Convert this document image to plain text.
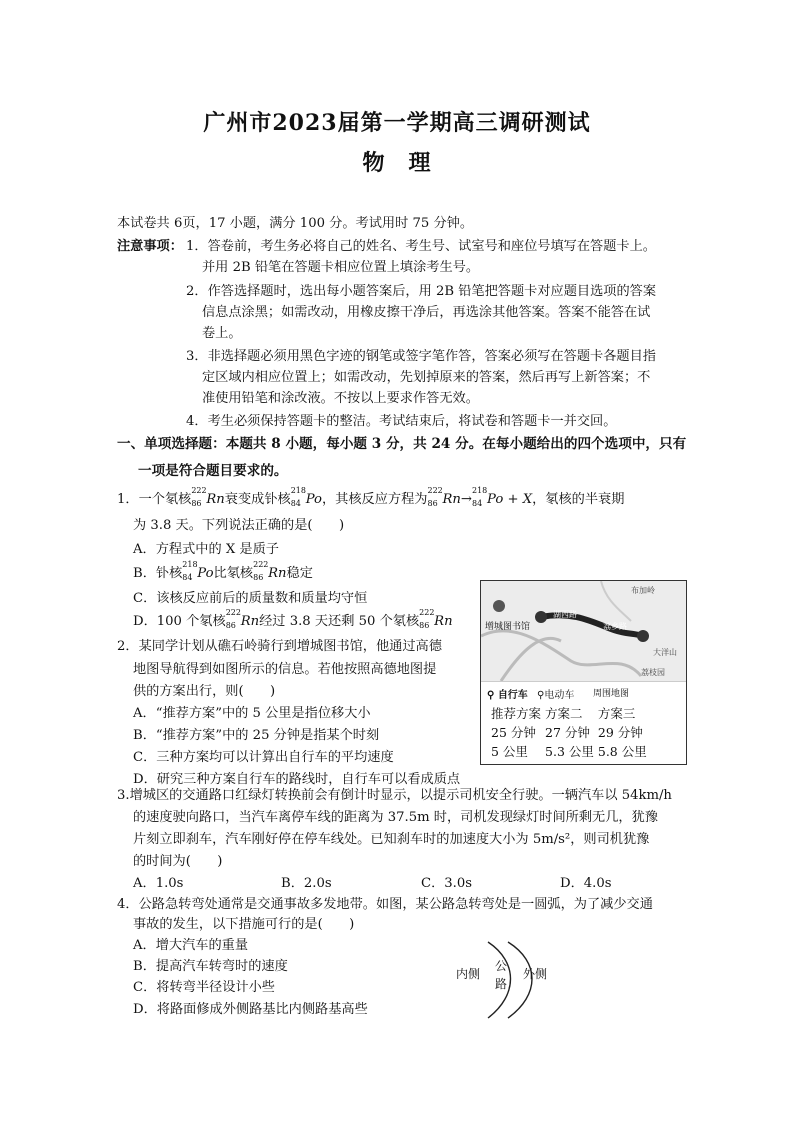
广州市2023届第一学期高三调研测试
物　理
本试卷共 6页，17 小题，满分 100 分。考试用时 75 分钟。
注意事项： 1．答卷前，考生务必将自己的姓名、考生号、试室号和座位号填写在答题卡上。
并用 2B 铅笔在答题卡相应位置上填涂考生号。
2．作答选择题时，选出每小题答案后，用 2B 铅笔把答题卡对应题目选项的答案
信息点涂黑；如需改动，用橡皮擦干净后，再选涂其他答案。答案不能答在试
卷上。
3．非选择题必须用黑色字迹的钢笔或签字笔作答，答案必须写在答题卡各题目指
定区域内相应位置上；如需改动，先划掉原来的答案，然后再写上新答案；不
准使用铅笔和涂改液。不按以上要求作答无效。
4．考生必须保持答题卡的整洁。考试结束后，将试卷和答题卡一并交回。
一、单项选择题：本题共 8 小题，每小题 3 分，共 24 分。在每小题给出的四个选项中，只有
一项是符合题目要求的。
1．一个氡核
222
86 Rn衰变成钋核
218
84 Po，其核反应方程为
222
86 Rn→
218
84 Po + X，氡核的半衰期
为 3.8 天。下列说法正确的是(　　)
A．方程式中的 X 是质子
B．钋核
218
84 Po比氡核
222
86 Rn稳定
C．该核反应前后的质量数和质量均守恒
D．100 个氡核
222
86 Rn经过 3.8 天还剩 50 个氡核
222
86 Rn	增城图书馆
布加岭
大洋山
荔枝园
湖西路
荔乡路
⚲ 自行车 ⚲电动车 周围地图
推荐方案	方案二	方案三
25 分钟	27 分钟	29 分钟
5 公里	5.3 公里	5.8 公里
2．某同学计划从礁石岭骑行到增城图书馆，他通过高德
地图导航得到如图所示的信息。若他按照高德地图提
供的方案出行，则(　　)
A．“推荐方案”中的 5 公里是指位移大小
B．“推荐方案”中的 25 分钟是指某个时刻
C．三种方案均可以计算出自行车的平均速度
D．研究三种方案自行车的路线时，自行车可以看成质点
3.增城区的交通路口红绿灯转换前会有倒计时显示，以提示司机安全行驶。一辆汽车以 54km/h
的速度驶向路口，当汽车离停车线的距离为 37.5m 时，司机发现绿灯时间所剩无几，犹豫
片刻立即刹车，汽车刚好停在停车线处。已知刹车时的加速度大小为 5m/s²，则司机犹豫
的时间为(　　)
A．1.0s	B．2.0s	C．3.0s	D．4.0s
4．公路急转弯处通常是交通事故多发地带。如图，某公路急转弯处是一圆弧，为了减少交通
事故的发生，以下措施可行的是(　　)
A．增大汽车的重量
B．提高汽车转弯时的速度
C．将转弯半径设计小些
D．将路面修成外侧路基比内侧路基高些
内侧
公
路
外侧
